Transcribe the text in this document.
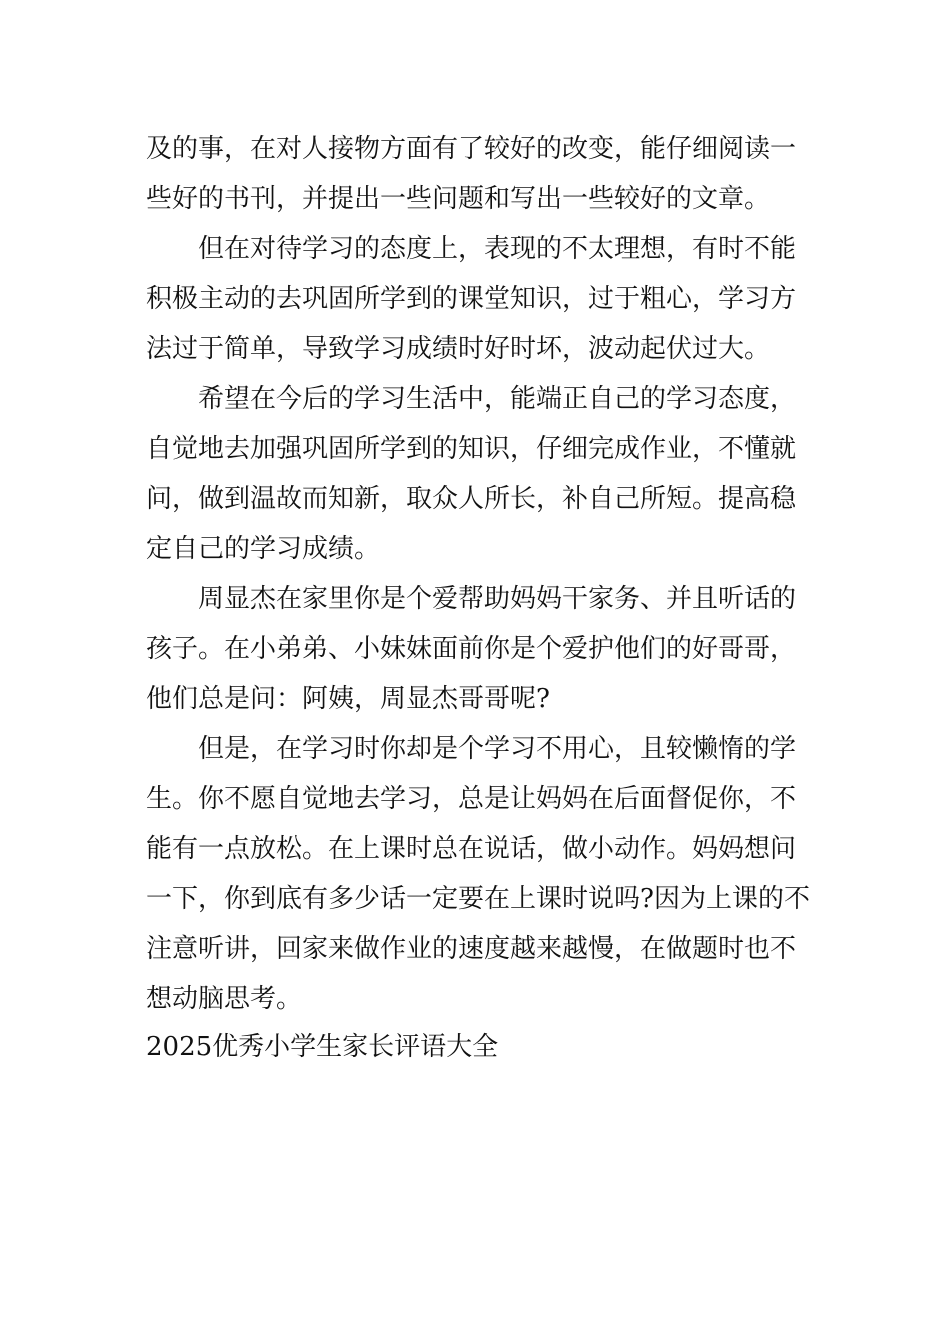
及的事，在对人接物方面有了较好的改变，能仔细阅读一
些好的书刊，并提出一些问题和写出一些较好的文章。
但在对待学习的态度上，表现的不太理想，有时不能
积极主动的去巩固所学到的课堂知识，过于粗心，学习方
法过于简单，导致学习成绩时好时坏，波动起伏过大。
希望在今后的学习生活中，能端正自己的学习态度，
自觉地去加强巩固所学到的知识，仔细完成作业，不懂就
问，做到温故而知新，取众人所长，补自己所短。提高稳
定自己的学习成绩。
周显杰在家里你是个爱帮助妈妈干家务、并且听话的
孩子。在小弟弟、小妹妹面前你是个爱护他们的好哥哥，
他们总是问：阿姨，周显杰哥哥呢?
但是，在学习时你却是个学习不用心，且较懒惰的学
生。你不愿自觉地去学习，总是让妈妈在后面督促你，不
能有一点放松。在上课时总在说话，做小动作。妈妈想问
一下，你到底有多少话一定要在上课时说吗?因为上课的不
注意听讲，回家来做作业的速度越来越慢，在做题时也不
想动脑思考。
2025优秀小学生家长评语大全
